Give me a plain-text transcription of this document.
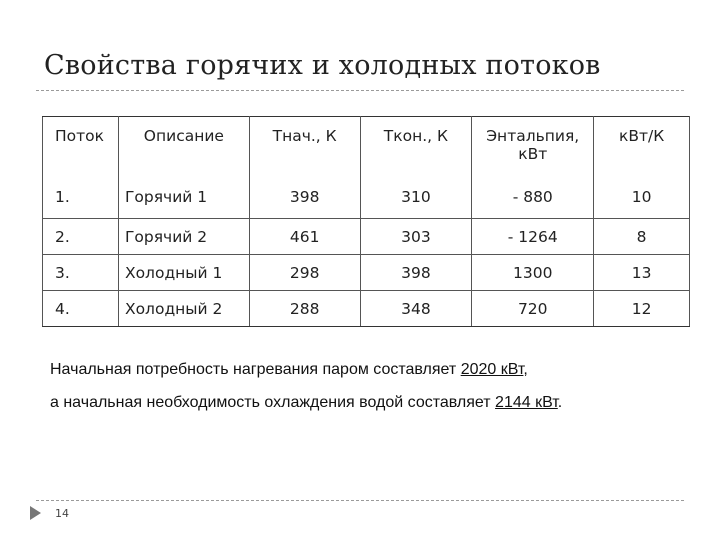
Свойства горячих и холодных потоков
Поток	Описание	Тнач., К	Ткон., К	Энтальпия, кВт	кВт/К
1.	Горячий 1	398	310	- 880	10
2.	Горячий 2	461	303	- 1264	8
3.	Холодный 1	298	398	1300	13
4.	Холодный 2	288	348	720	12
Начальная потребность нагревания паром составляет 2020 кВт,
а начальная необходимость охлаждения водой составляет 2144 кВт.
14
